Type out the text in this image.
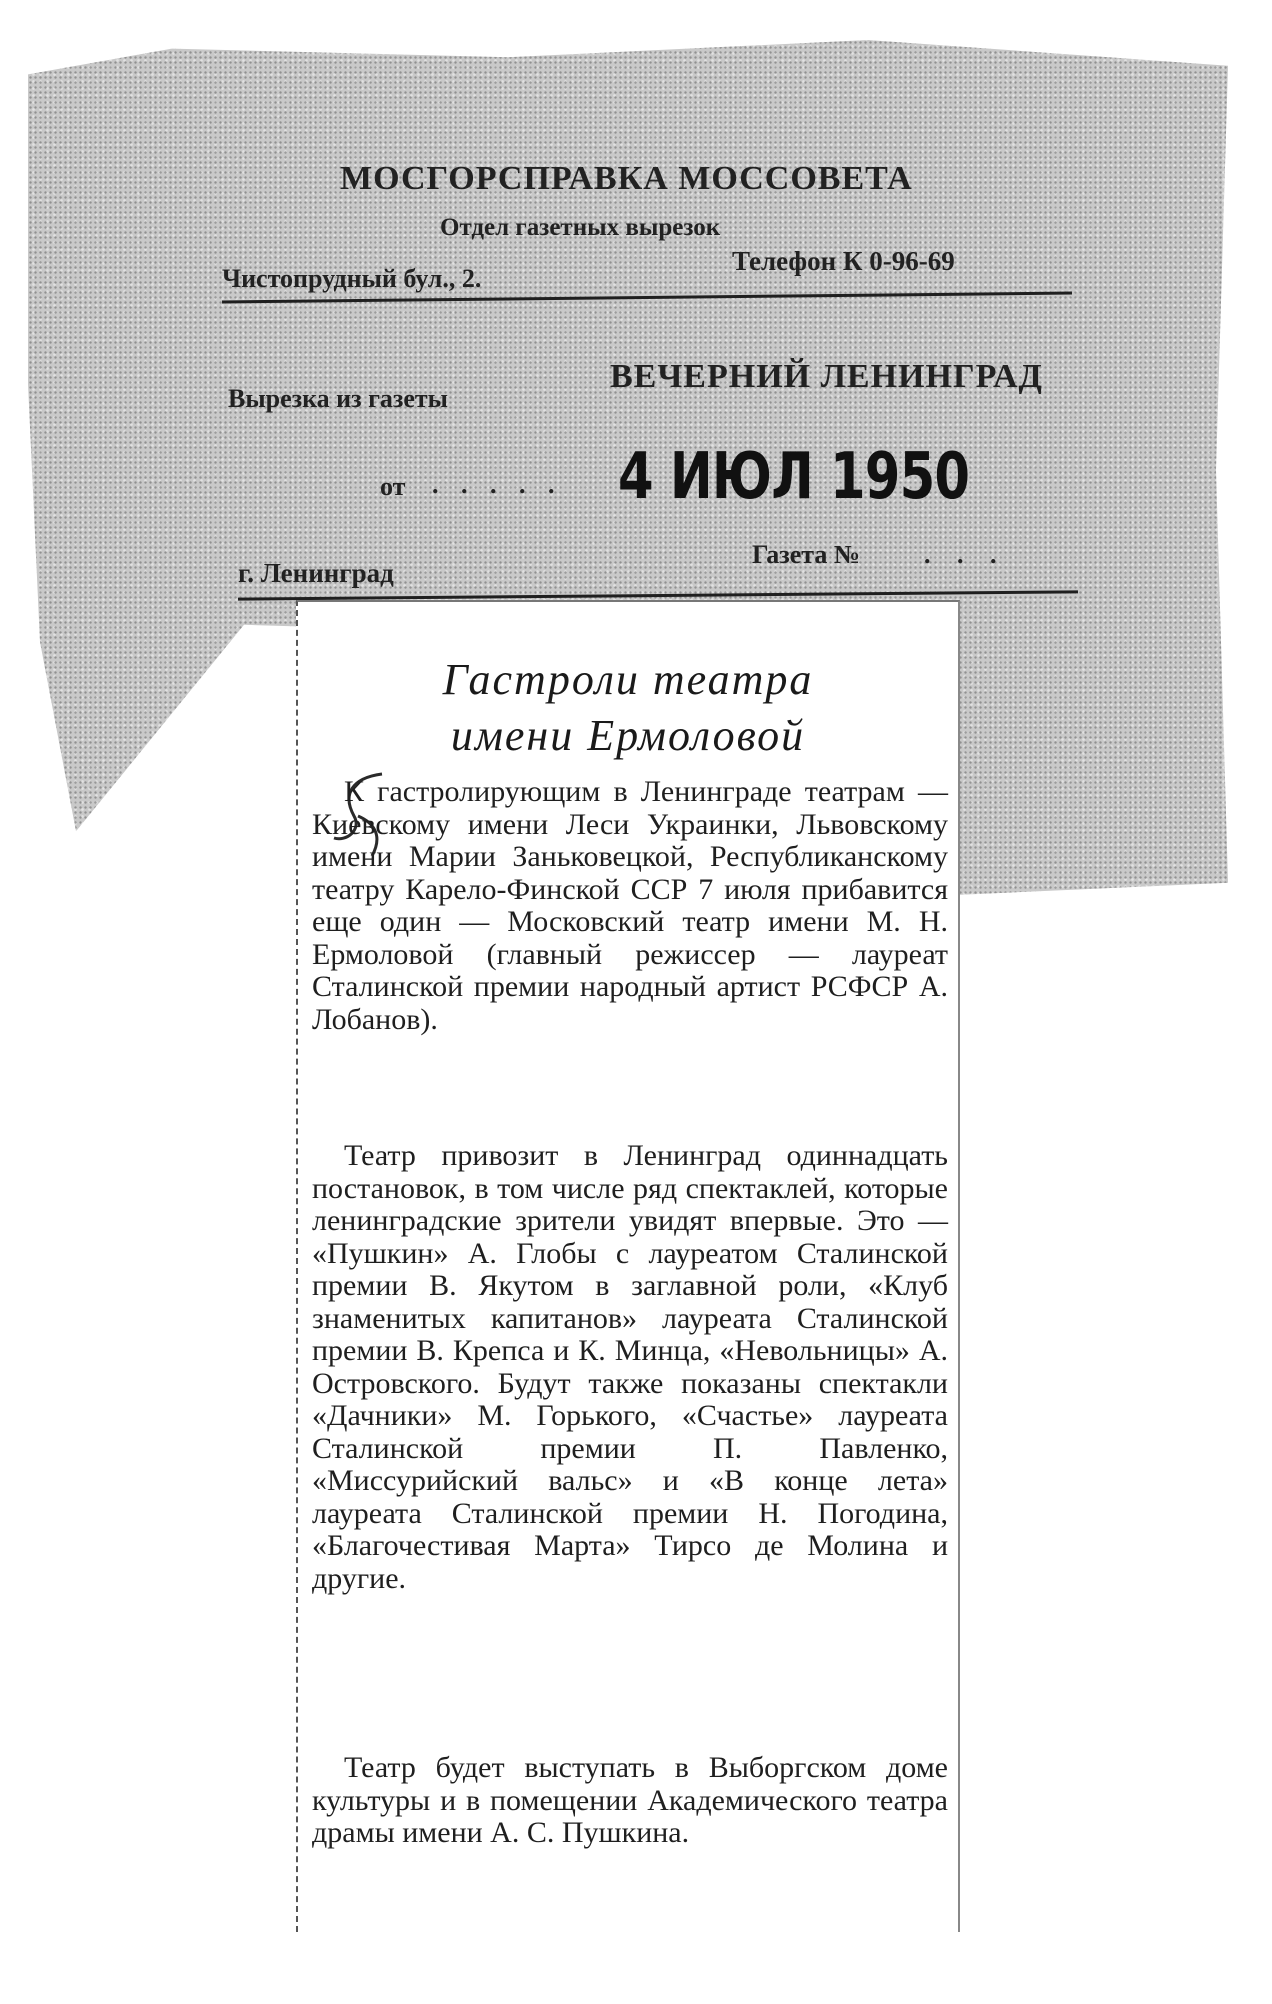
МОСГОРСПРАВКА МОССОВЕТА
Отдел газетных вырезок
Чистопрудный бул., 2.
Телефон К 0-96-69
Вырезка из газеты
ВЕЧЕРНИЙ ЛЕНИНГРАД
от . . . . . 4 ИЮЛ 1950
г. Ленинград
Газета № . . .
Гастроли театра
имени Ермоловой
К гастролирующим в Ленинграде театрам — Киевскому имени Леси Украинки, Львовскому имени Марии Заньковецкой, Республиканскому театру Карело-Финской ССР 7 июля прибавится еще один — Московский театр имени М. Н. Ермоловой (главный режиссер — лауреат Сталинской премии народный артист РСФСР А. Лобанов).
Театр привозит в Ленинград одиннадцать постановок, в том числе ряд спектаклей, которые ленинградские зрители увидят впервые. Это — «Пушкин» А. Глобы с лауреатом Сталинской премии В. Якутом в заглавной роли, «Клуб знаменитых капитанов» лауреата Сталинской премии В. Крепса и К. Минца, «Невольницы» А. Островского. Будут также показаны спектакли «Дачники» М. Горького, «Счастье» лауреата Сталинской премии П. Павленко, «Миссурийский вальс» и «В конце лета» лауреата Сталинской премии Н. Погодина, «Благочестивая Марта» Тирсо де Молина и другие.
Театр будет выступать в Выборгском доме культуры и в помещении Академического театра драмы имени А. С. Пушкина.
